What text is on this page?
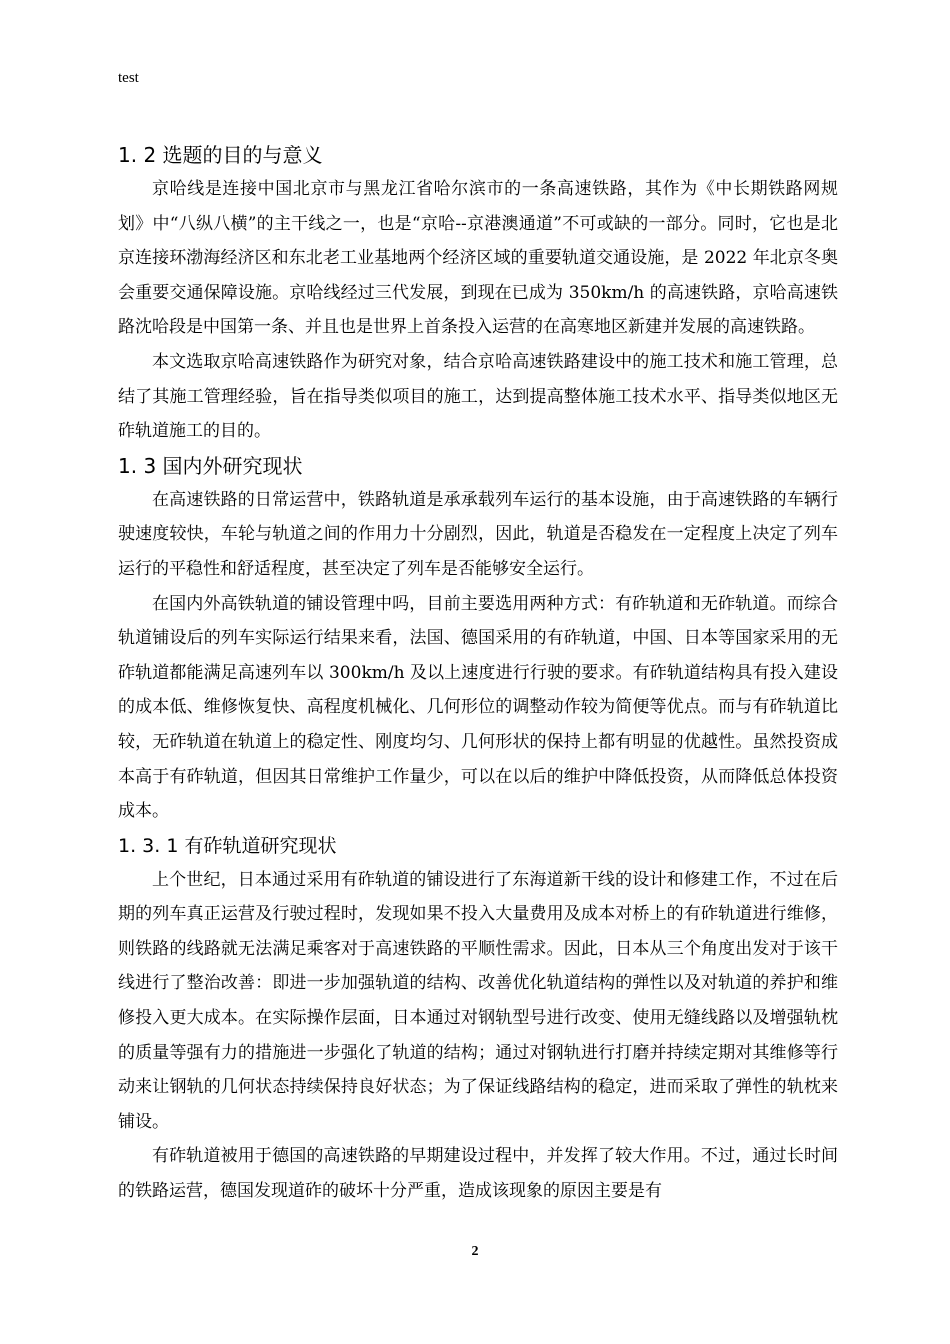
test
1. 2 选题的目的与意义

京哈线是连接中国北京市与黑龙江省哈尔滨市的一条高速铁路，其作为《中长期铁路网规划》中“八纵八横”的主干线之一，也是“京哈--京港澳通道”不可或缺的一部分。同时，它也是北京连接环渤海经济区和东北老工业基地两个经济区域的重要轨道交通设施，是 2022 年北京冬奥会重要交通保障设施。京哈线经过三代发展，到现在已成为 350km/h 的高速铁路，京哈高速铁路沈哈段是中国第一条、并且也是世界上首条投入运营的在高寒地区新建并发展的高速铁路。

本文选取京哈高速铁路作为研究对象，结合京哈高速铁路建设中的施工技术和施工管理，总结了其施工管理经验，旨在指导类似项目的施工，达到提高整体施工技术水平、指导类似地区无砟轨道施工的目的。

1. 3 国内外研究现状

在高速铁路的日常运营中，铁路轨道是承承载列车运行的基本设施，由于高速铁路的车辆行驶速度较快，车轮与轨道之间的作用力十分剧烈，因此，轨道是否稳发在一定程度上决定了列车运行的平稳性和舒适程度，甚至决定了列车是否能够安全运行。

在国内外高铁轨道的铺设管理中吗，目前主要选用两种方式：有砟轨道和无砟轨道。而综合轨道铺设后的列车实际运行结果来看，法国、德国采用的有砟轨道，中国、日本等国家采用的无砟轨道都能满足高速列车以 300km/h 及以上速度进行行驶的要求。有砟轨道结构具有投入建设的成本低、维修恢复快、高程度机械化、几何形位的调整动作较为简便等优点。而与有砟轨道比较，无砟轨道在轨道上的稳定性、刚度均匀、几何形状的保持上都有明显的优越性。虽然投资成本高于有砟轨道，但因其日常维护工作量少，可以在以后的维护中降低投资，从而降低总体投资成本。

1. 3. 1 有砟轨道研究现状

上个世纪，日本通过采用有砟轨道的铺设进行了东海道新干线的设计和修建工作，不过在后期的列车真正运营及行驶过程时，发现如果不投入大量费用及成本对桥上的有砟轨道进行维修，则铁路的线路就无法满足乘客对于高速铁路的平顺性需求。因此，日本从三个角度出发对于该干线进行了整治改善：即进一步加强轨道的结构、改善优化轨道结构的弹性以及对轨道的养护和维修投入更大成本。在实际操作层面，日本通过对钢轨型号进行改变、使用无缝线路以及增强轨枕的质量等强有力的措施进一步强化了轨道的结构；通过对钢轨进行打磨并持续定期对其维修等行动来让钢轨的几何状态持续保持良好状态；为了保证线路结构的稳定，进而采取了弹性的轨枕来铺设。

有砟轨道被用于德国的高速铁路的早期建设过程中，并发挥了较大作用。不过，通过长时间的铁路运营，德国发现道砟的破坏十分严重，造成该现象的原因主要是有

2
